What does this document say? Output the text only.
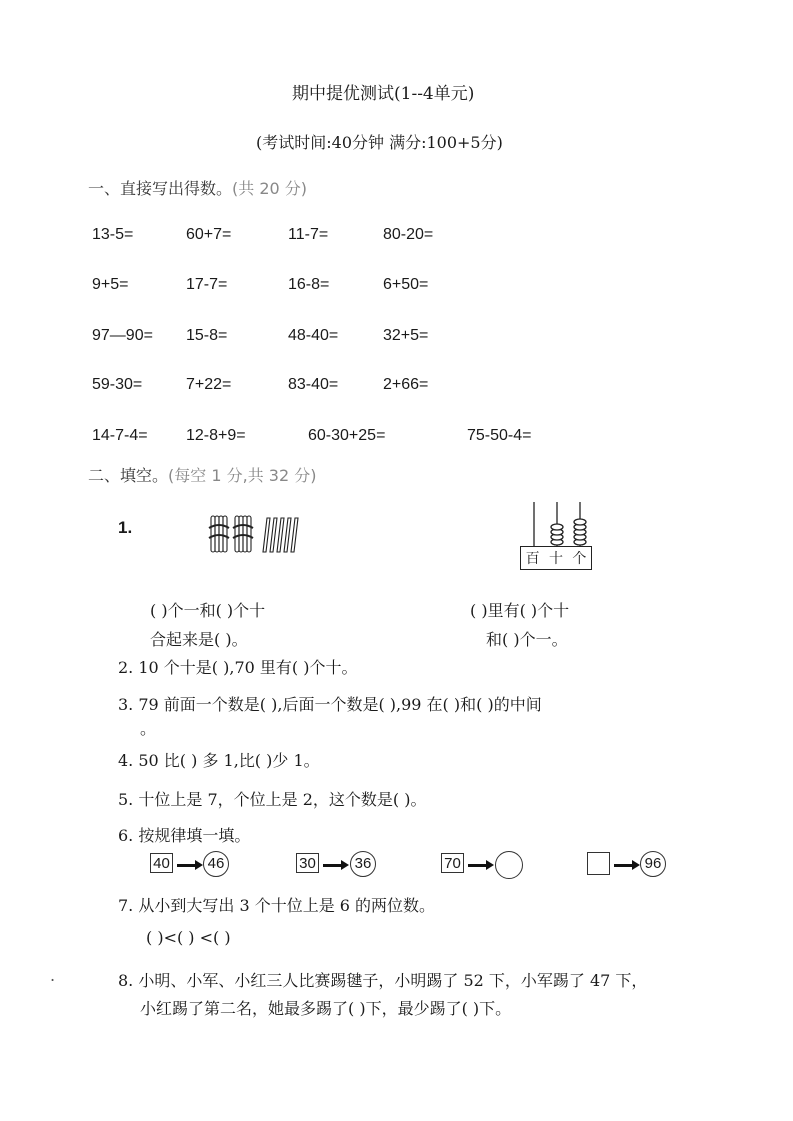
期中提优测试(1--4单元)
(考试时间:40分钟 满分:100+5分)
一、直接写出得数。(共 20 分)
13-5=	60+7=	11-7=	80-20=
9+5=	17-7=	16-8=	6+50=
97—90= 15-8=	48-40=	32+5=
59-30=	7+22=	83-40=	2+66=
14-7-4= 12-8+9=	60-30+25=	75-50-4=
二、填空。(每空 1 分,共 32 分)
1.
百 十 个
( )个一和( )个十
合起来是( )。
( )里有( )个十
和( )个一。
2. 10 个十是( ),70 里有( )个十。
3. 79 前面一个数是( ),后面一个数是( ),99 在( )和( )的中间
。
4. 50 比( ) 多 1,比( )少 1。
5. 十位上是 7，个位上是 2，这个数是( )。
6. 按规律填一填。
40	46	30	36	70	96
7. 从小到大写出 3 个十位上是 6 的两位数。
( )<( ) <( )
.	8. 小明、小军、小红三人比赛踢毽子，小明踢了 52 下，小军踢了 47 下，
小红踢了第二名，她最多踢了( )下，最少踢了( )下。
